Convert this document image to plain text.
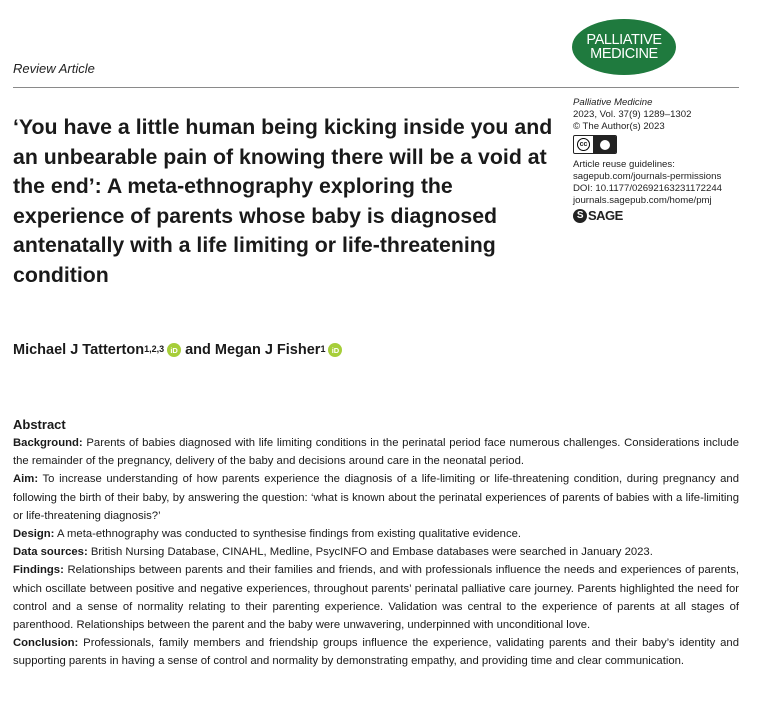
PALLIATIVE
MEDICINE
Review Article
‘You have a little human being kicking inside you and an unbearable pain of knowing there will be a void at the end’: A meta-ethnography exploring the experience of parents whose baby is diagnosed antenatally with a life limiting or life-threatening condition
Palliative Medicine
2023, Vol. 37(9) 1289–1302
© The Author(s) 2023
cc
Article reuse guidelines:
sagepub.com/journals-permissions
DOI: 10.1177/02692163231172244
journals.sagepub.com/home/pmj
S SAGE
Michael J Tatterton$^{1,2,3}$ iD and Megan J Fisher$^1$ iD
Abstract

Background: Parents of babies diagnosed with life limiting conditions in the perinatal period face numerous challenges. Considerations include the remainder of the pregnancy, delivery of the baby and decisions around care in the neonatal period.

Aim: To increase understanding of how parents experience the diagnosis of a life-limiting or life-threatening condition, during pregnancy and following the birth of their baby, by answering the question: ‘what is known about the perinatal experiences of parents of babies with a life-limiting or life-threatening diagnosis?’

Design: A meta-ethnography was conducted to synthesise findings from existing qualitative evidence.

Data sources: British Nursing Database, CINAHL, Medline, PsycINFO and Embase databases were searched in January 2023.

Findings: Relationships between parents and their families and friends, and with professionals influence the needs and experiences of parents, which oscillate between positive and negative experiences, throughout parents’ perinatal palliative care journey. Parents highlighted the need for control and a sense of normality relating to their parenting experience. Validation was central to the experience of parents at all stages of parenthood. Relationships between the parent and the baby were unwavering, underpinned with unconditional love.

Conclusion: Professionals, family members and friendship groups influence the experience, validating parents and their baby’s identity and supporting parents in having a sense of control and normality by demonstrating empathy, and providing time and clear communication.
